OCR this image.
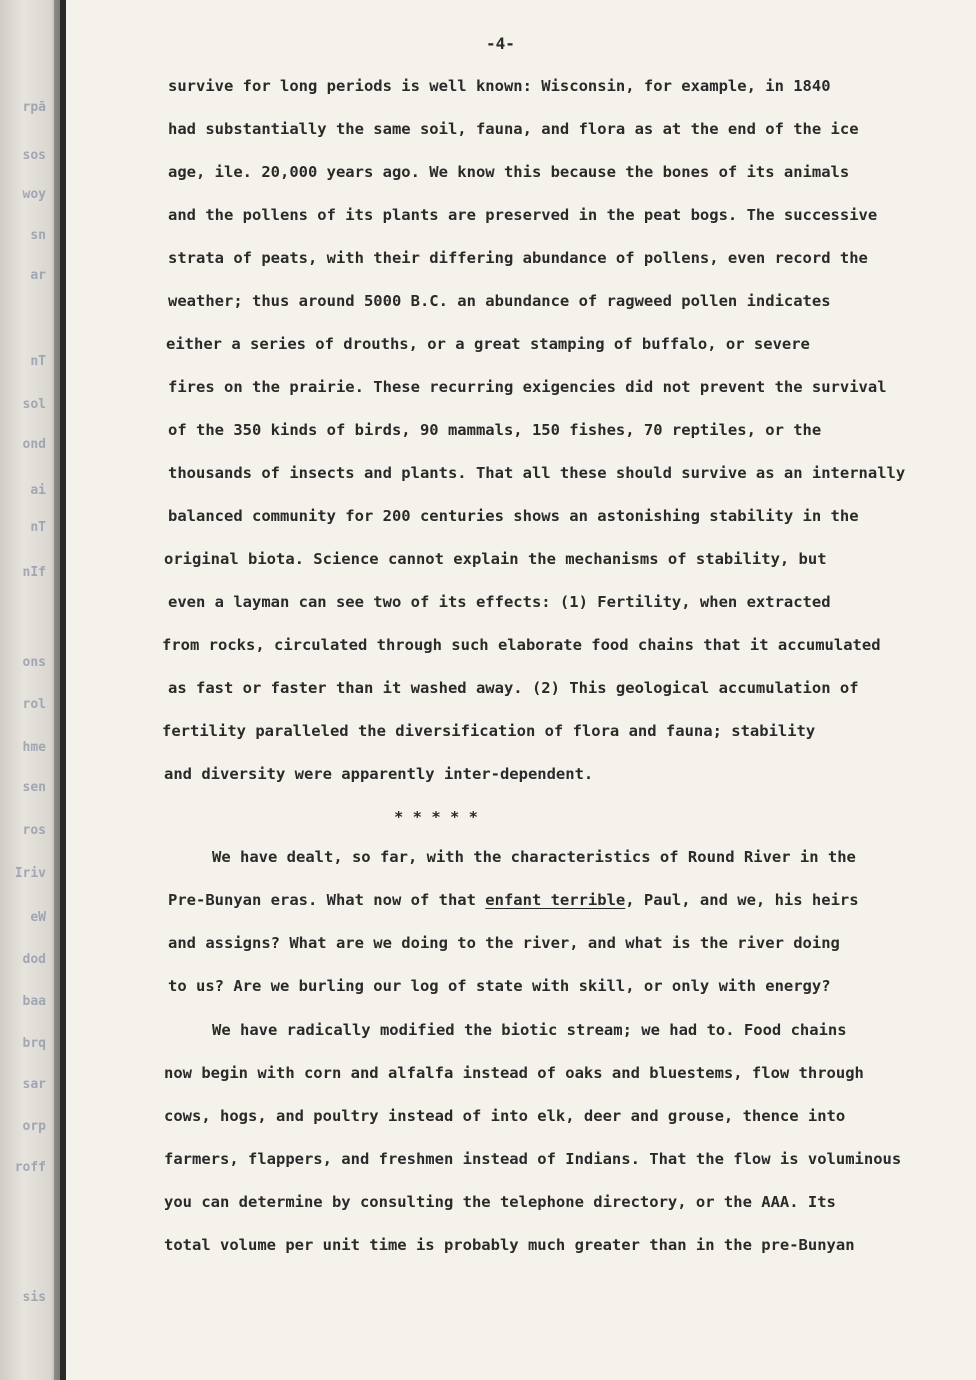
rpā
sos
woy
sn
ar
nT
sol
ond
ai
nT
nIf
ons
rol
hme
sen
ros
Iriv
eW
dod
baa
brq
sar
orp
roff
sis
-4-
survive for long periods is well known: Wisconsin, for example, in 1840
had substantially the same soil, fauna, and flora as at the end of the ice
age, ile. 20,000 years ago. We know this because the bones of its animals
and the pollens of its plants are preserved in the peat bogs. The successive
strata of peats, with their differing abundance of pollens, even record the
weather; thus around 5000 B.C. an abundance of ragweed pollen indicates
either a series of drouths, or a great stamping of buffalo, or severe
fires on the prairie. These recurring exigencies did not prevent the survival
of the 350 kinds of birds, 90 mammals, 150 fishes, 70 reptiles, or the
thousands of insects and plants. That all these should survive as an internally
balanced community for 200 centuries shows an astonishing stability in the
original biota. Science cannot explain the mechanisms of stability, but
even a layman can see two of its effects: (1) Fertility, when extracted
from rocks, circulated through such elaborate food chains that it accumulated
as fast or faster than it washed away. (2) This geological accumulation of
fertility paralleled the diversification of flora and fauna; stability
and diversity were apparently inter-dependent.
* * * * *
We have dealt, so far, with the characteristics of Round River in the
Pre-Bunyan eras. What now of that enfant terrible, Paul, and we, his heirs
and assigns? What are we doing to the river, and what is the river doing
to us? Are we burling our log of state with skill, or only with energy?
We have radically modified the biotic stream; we had to. Food chains
now begin with corn and alfalfa instead of oaks and bluestems, flow through
cows, hogs, and poultry instead of into elk, deer and grouse, thence into
farmers, flappers, and freshmen instead of Indians. That the flow is voluminous
you can determine by consulting the telephone directory, or the AAA. Its
total volume per unit time is probably much greater than in the pre-Bunyan
